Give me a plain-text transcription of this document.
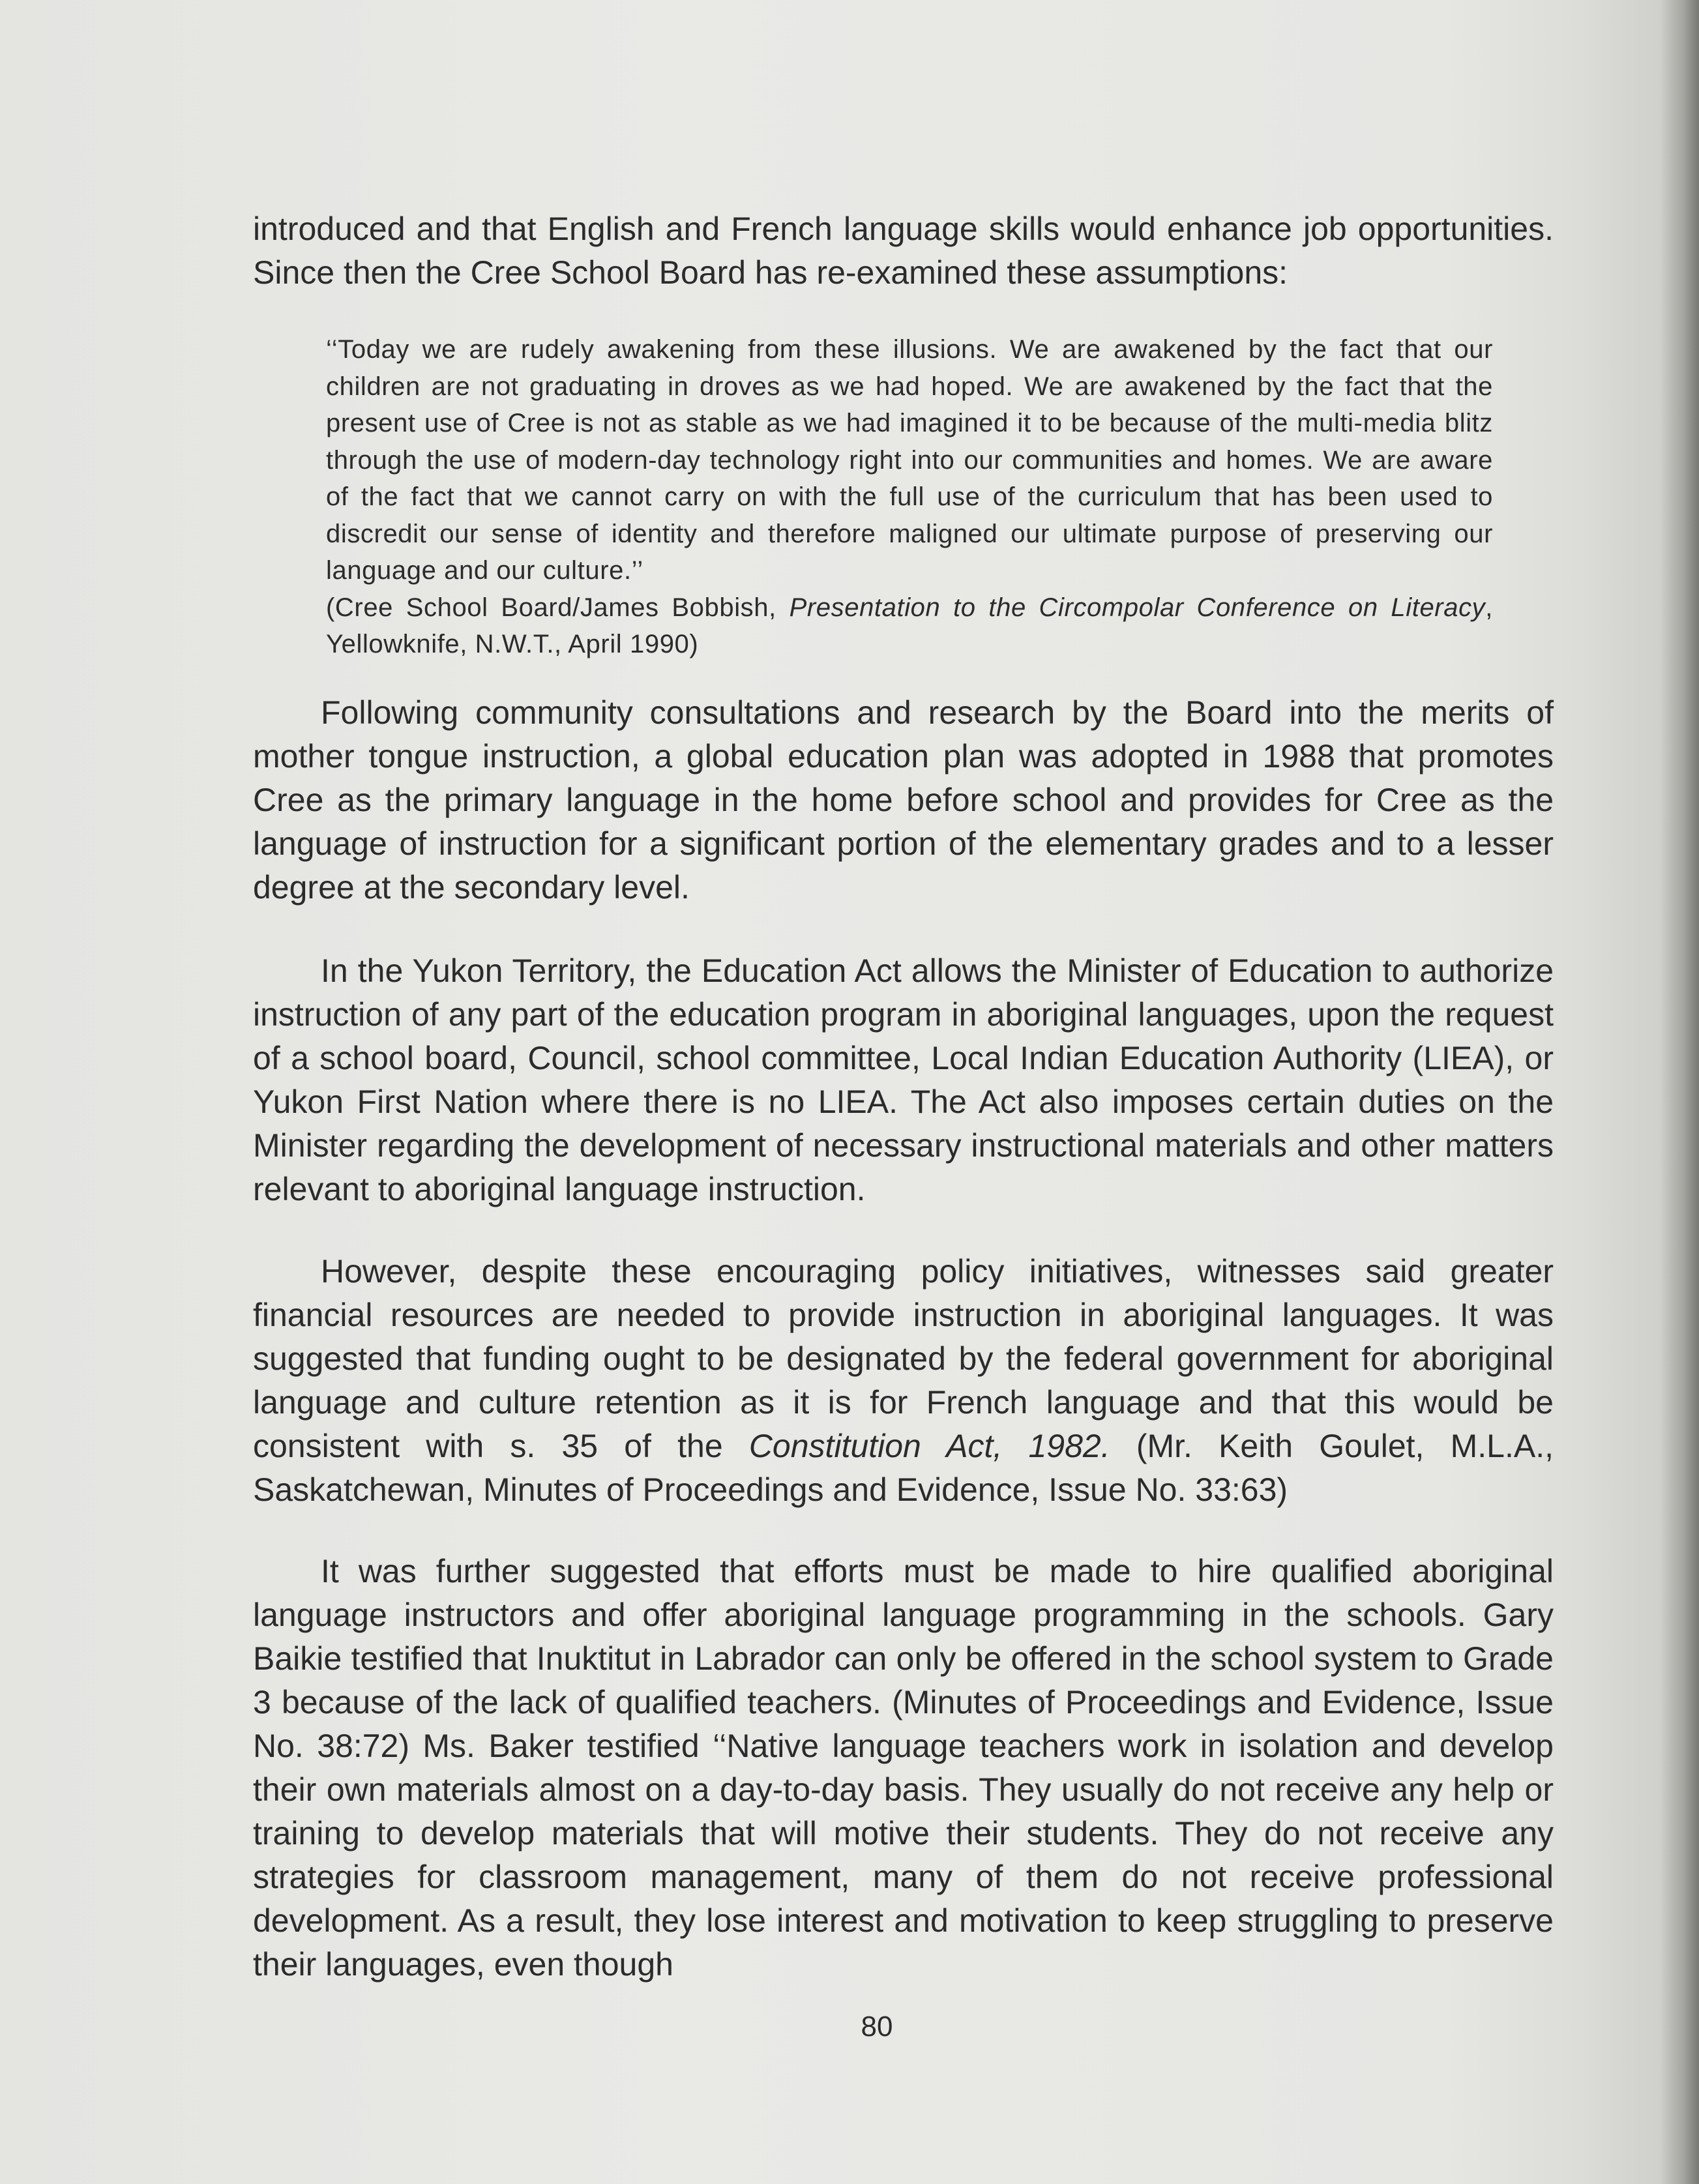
introduced and that English and French language skills would enhance job opportunities. Since then the Cree School Board has re-examined these assumptions:

‘‘Today we are rudely awakening from these illusions. We are awakened by the fact that our children are not graduating in droves as we had hoped. We are awakened by the fact that the present use of Cree is not as stable as we had imagined it to be because of the multi-media blitz through the use of modern-day technology right into our communities and homes. We are aware of the fact that we cannot carry on with the full use of the curriculum that has been used to discredit our sense of identity and therefore maligned our ultimate purpose of preserving our language and our culture.’’

(Cree School Board/James Bobbish, Presentation to the Circompolar Conference on Literacy, Yellowknife, N.W.T., April 1990)

Following community consultations and research by the Board into the merits of mother tongue instruction, a global education plan was adopted in 1988 that promotes Cree as the primary language in the home before school and provides for Cree as the language of instruction for a significant portion of the elementary grades and to a lesser degree at the secondary level.

In the Yukon Territory, the Education Act allows the Minister of Education to authorize instruction of any part of the education program in aboriginal languages, upon the request of a school board, Council, school committee, Local Indian Education Authority (LIEA), or Yukon First Nation where there is no LIEA. The Act also imposes certain duties on the Minister regarding the development of necessary instructional materials and other matters relevant to aboriginal language instruction.

However, despite these encouraging policy initiatives, witnesses said greater financial resources are needed to provide instruction in aboriginal languages. It was suggested that funding ought to be designated by the federal government for aboriginal language and culture retention as it is for French language and that this would be consistent with s. 35 of the Constitution Act, 1982. (Mr. Keith Goulet, M.L.A., Saskatchewan, Minutes of Proceedings and Evidence, Issue No. 33:63)

It was further suggested that efforts must be made to hire qualified aboriginal language instructors and offer aboriginal language programming in the schools. Gary Baikie testified that Inuktitut in Labrador can only be offered in the school system to Grade 3 because of the lack of qualified teachers. (Minutes of Proceedings and Evidence, Issue No. 38:72) Ms. Baker testified ‘‘Native language teachers work in isolation and develop their own materials almost on a day-to-day basis. They usually do not receive any help or training to develop materials that will motive their students. They do not receive any strategies for classroom management, many of them do not receive professional development. As a result, they lose interest and motivation to keep struggling to preserve their languages, even though

80
